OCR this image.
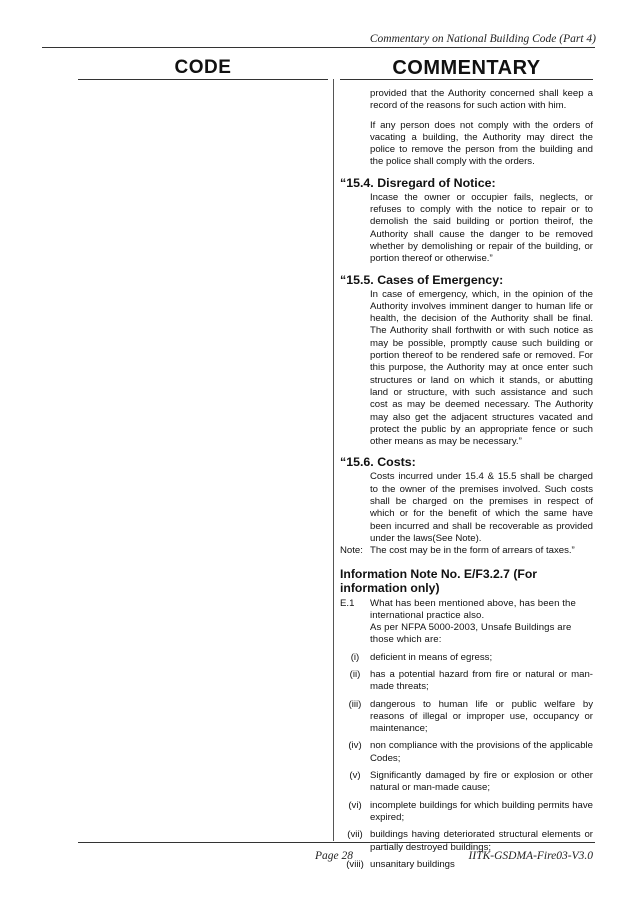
Commentary on National Building Code (Part 4)
CODE	COMMENTARY

provided that the Authority concerned shall keep a record of the reasons for such action with him.

If any person does not comply with the orders of vacating a building, the Authority may direct the police to remove the person from the building and the police shall comply with the orders.

“15.4. Disregard of Notice:

Incase the owner or occupier fails, neglects, or refuses to comply with the notice to repair or to demolish the said building or portion theirof, the Authority shall cause the danger to be removed whether by demolishing or repair of the building, or portion thereof or otherwise.”

“15.5. Cases of Emergency:

In case of emergency, which, in the opinion of the Authority involves imminent danger to human life or health, the decision of the Authority shall be final. The Authority shall forthwith or with such notice as may be possible, promptly cause such building or portion thereof to be rendered safe or removed. For this purpose, the Authority may at once enter such structures or land on which it stands, or abutting land or structure, with such assistance and such cost as may be deemed necessary. The Authority may also get the adjacent structures vacated and protect the public by an appropriate fence or such other means as may be necessary.”

“15.6. Costs:

Costs incurred under 15.4 & 15.5 shall be charged to the owner of the premises involved. Such costs shall be charged on the premises in respect of which or for the benefit of which the same have been incurred and shall be recoverable as provided under the laws(See Note).

Note: The cost may be in the form of arrears of taxes.”
Information Note No. E/F3.2.7 (For information only)
E.1	What has been mentioned above, has been the international practice also.
As per NFPA 5000-2003, Unsafe Buildings are those which are:
(i)	deficient in means of egress;
(ii)	has a potential hazard from fire or natural or man-made threats;
(iii) dangerous to human life or public welfare by reasons of illegal or improper use, occupancy or maintenance;
(iv) non compliance with the provisions of the applicable Codes;
(v) Significantly damaged by fire or explosion or other natural or man-made cause;
(vi) incomplete buildings for which building permits have expired;
(vii) buildings having deteriorated structural elements or partially destroyed buildings;
(viii) unsanitary buildings
Page 28	IITK-GSDMA-Fire03-V3.0
